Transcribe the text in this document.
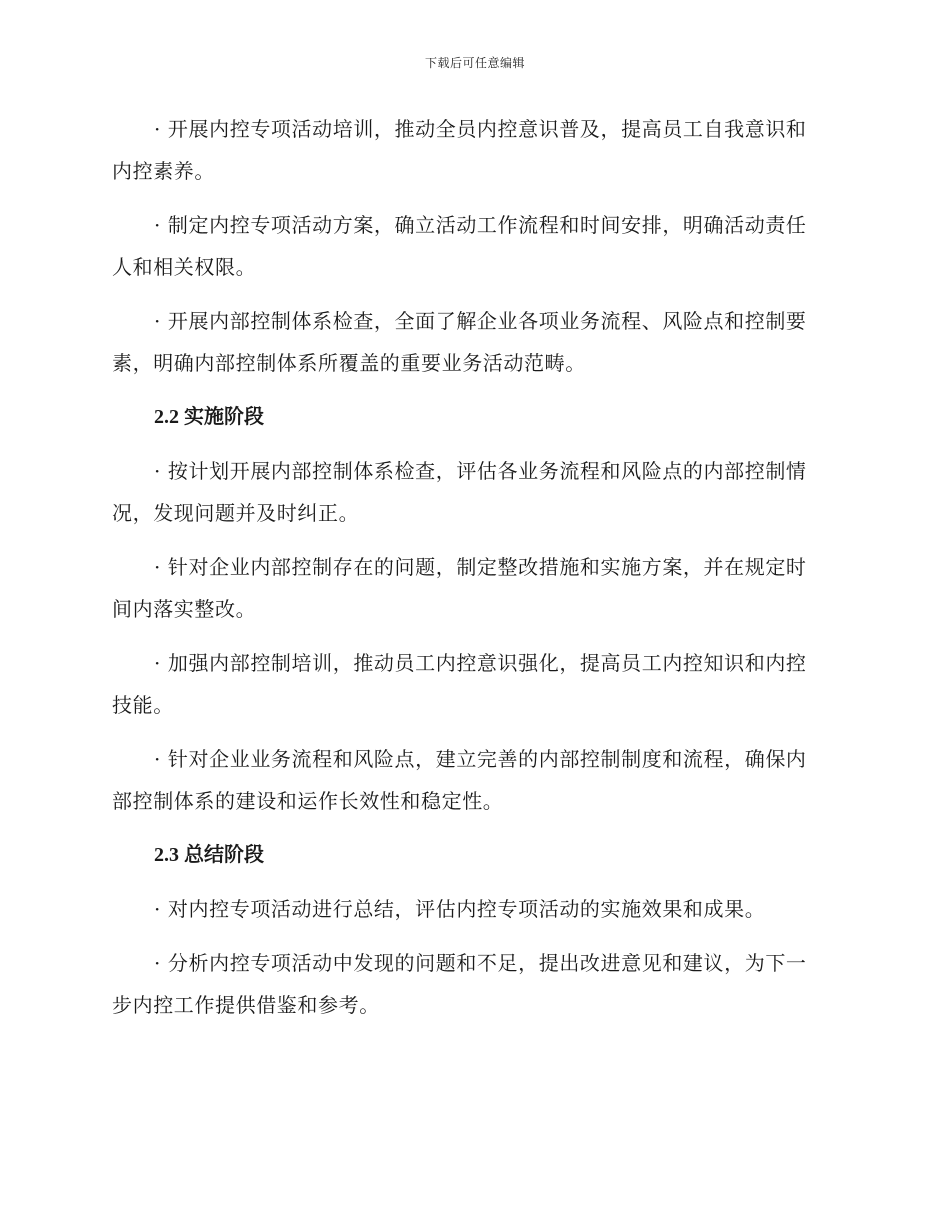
下载后可任意编辑

· 开展内控专项活动培训，推动全员内控意识普及，提高员工自我意识和内控素养。

· 制定内控专项活动方案，确立活动工作流程和时间安排，明确活动责任人和相关权限。

· 开展内部控制体系检查，全面了解企业各项业务流程、风险点和控制要素，明确内部控制体系所覆盖的重要业务活动范畴。

2.2 实施阶段

· 按计划开展内部控制体系检查，评估各业务流程和风险点的内部控制情况，发现问题并及时纠正。

· 针对企业内部控制存在的问题，制定整改措施和实施方案，并在规定时间内落实整改。

· 加强内部控制培训，推动员工内控意识强化，提高员工内控知识和内控技能。

· 针对企业业务流程和风险点，建立完善的内部控制制度和流程，确保内部控制体系的建设和运作长效性和稳定性。

2.3 总结阶段

· 对内控专项活动进行总结，评估内控专项活动的实施效果和成果。

· 分析内控专项活动中发现的问题和不足，提出改进意见和建议，为下一步内控工作提供借鉴和参考。
